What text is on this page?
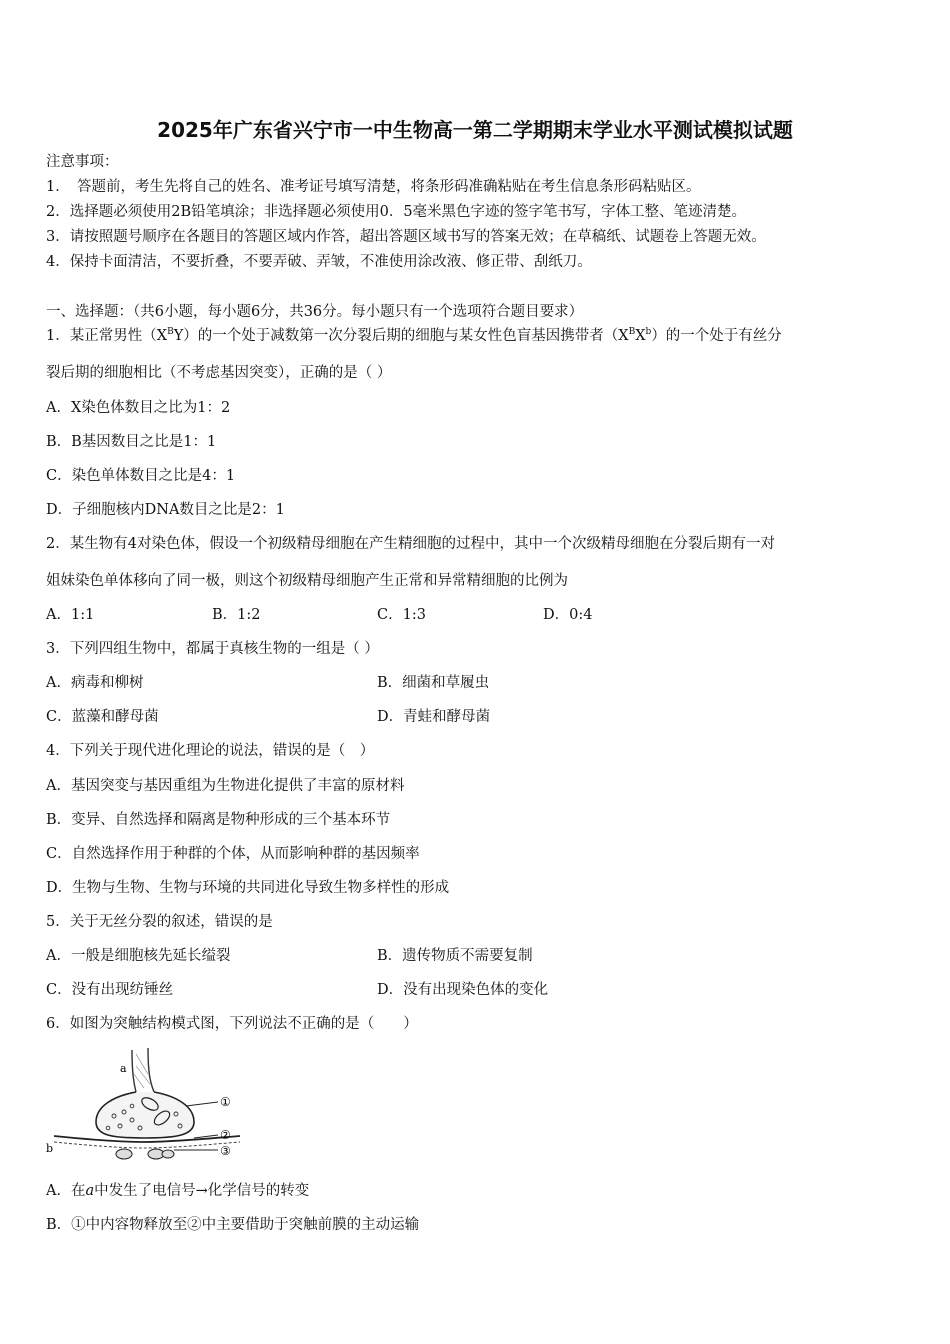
2025年广东省兴宁市一中生物高一第二学期期末学业水平测试模拟试题
注意事项：
1．　答题前，考生先将自己的姓名、准考证号填写清楚，将条形码准确粘贴在考生信息条形码粘贴区。
2．选择题必须使用2B铅笔填涂；非选择题必须使用0．5毫米黑色字迹的签字笔书写，字体工整、笔迹清楚。
3．请按照题号顺序在各题目的答题区域内作答，超出答题区域书写的答案无效；在草稿纸、试题卷上答题无效。
4．保持卡面清洁，不要折叠，不要弄破、弄皱，不准使用涂改液、修正带、刮纸刀。
一、选择题：（共6小题，每小题6分，共36分。每小题只有一个选项符合题目要求）
1．某正常男性$(X^BY)$的一个处于减数第一次分裂后期的细胞与某女性色盲基因携带者$(X^BX^b)$的一个处于有丝分
裂后期的细胞相比（不考虑基因突变），正确的是（ ）
A．X染色体数目之比为1：2
B．B基因数目之比是1：1
C．染色单体数目之比是4：1
D．子细胞核内DNA数目之比是2：1
2．某生物有4对染色体，假设一个初级精母细胞在产生精细胞的过程中，其中一个次级精母细胞在分裂后期有一对
姐妹染色单体移向了同一极，则这个初级精母细胞产生正常和异常精细胞的比例为
A．1:1	B．1:2	C．1:3	D．0:4
3．下列四组生物中，都属于真核生物的一组是（ ）
A．病毒和柳树	B．细菌和草履虫
C．蓝藻和酵母菌	D．青蛙和酵母菌
4．下列关于现代进化理论的说法，错误的是（　）
A．基因突变与基因重组为生物进化提供了丰富的原材料
B．变异、自然选择和隔离是物种形成的三个基本环节
C．自然选择作用于种群的个体，从而影响种群的基因频率
D．生物与生物、生物与环境的共同进化导致生物多样性的形成
5．关于无丝分裂的叙述，错误的是
A．一般是细胞核先延长缢裂	B．遗传物质不需要复制
C．没有出现纺锤丝	D．没有出现染色体的变化
6．如图为突触结构模式图，下列说法不正确的是（　　）
a
b
①
②
③
A．在a中发生了电信号→化学信号的转变
B．①中内容物释放至②中主要借助于突触前膜的主动运输
